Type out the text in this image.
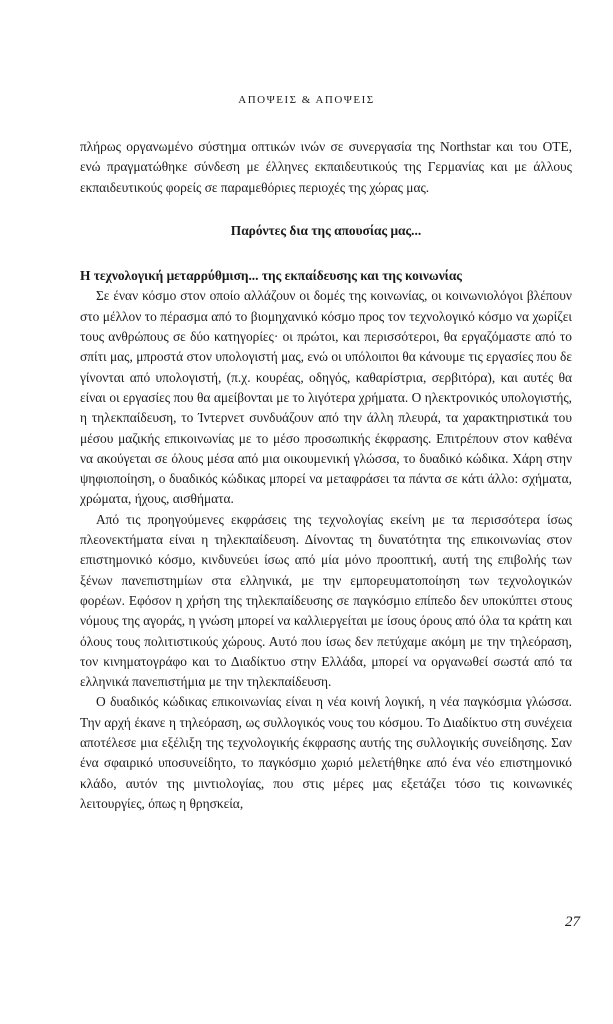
ΑΠΟΨΕΙΣ & ΑΠΟΨΕΙΣ

πλήρως οργανωμένο σύστημα οπτικών ινών σε συνεργασία της Northstar και του ΟΤΕ, ενώ πραγματώθηκε σύνδεση με έλληνες εκπαιδευτικούς της Γερμανίας και με άλλους εκπαιδευτικούς φορείς σε παραμεθόριες περιοχές της χώρας μας.

Παρόντες δια της απουσίας μας...

Η τεχνολογική μεταρρύθμιση... της εκπαίδευσης και της κοινωνίας

Σε έναν κόσμο στον οποίο αλλάζουν οι δομές της κοινωνίας, οι κοινωνιολόγοι βλέπουν στο μέλλον το πέρασμα από το βιομηχανικό κόσμο προς τον τεχνολογικό κόσμο να χωρίζει τους ανθρώπους σε δύο κατηγορίες· οι πρώτοι, και περισσότεροι, θα εργαζόμαστε από το σπίτι μας, μπροστά στον υπολογιστή μας, ενώ οι υπόλοιποι θα κάνουμε τις εργασίες που δε γίνονται από υπολογιστή, (π.χ. κουρέας, οδηγός, καθαρίστρια, σερβιτόρα), και αυτές θα είναι οι εργασίες που θα αμείβονται με το λιγότερα χρήματα. Ο ηλεκτρονικός υπολογιστής, η τηλεκπαίδευση, το Ίντερνετ συνδυάζουν από την άλλη πλευρά, τα χαρακτηριστικά του μέσου μαζικής επικοινωνίας με το μέσο προσωπικής έκφρασης. Επιτρέπουν στον καθένα να ακούγεται σε όλους μέσα από μια οικουμενική γλώσσα, το δυαδικό κώδικα. Χάρη στην ψηφιοποίηση, ο δυαδικός κώδικας μπορεί να μεταφράσει τα πάντα σε κάτι άλλο: σχήματα, χρώματα, ήχους, αισθήματα.

Από τις προηγούμενες εκφράσεις της τεχνολογίας εκείνη με τα περισσότερα ίσως πλεονεκτήματα είναι η τηλεκπαίδευση. Δίνοντας τη δυνατότητα της επικοινωνίας στον επιστημονικό κόσμο, κινδυνεύει ίσως από μία μόνο προοπτική, αυτή της επιβολής των ξένων πανεπιστημίων στα ελληνικά, με την εμπορευματοποίηση των τεχνολογικών φορέων. Εφόσον η χρήση της τηλεκπαίδευσης σε παγκόσμιο επίπεδο δεν υποκύπτει στους νόμους της αγοράς, η γνώση μπορεί να καλλιεργείται με ίσους όρους από όλα τα κράτη και όλους τους πολιτιστικούς χώρους. Αυτό που ίσως δεν πετύχαμε ακόμη με την τηλεόραση, τον κινηματογράφο και το Διαδίκτυο στην Ελλάδα, μπορεί να οργανωθεί σωστά από τα ελληνικά πανεπιστήμια με την τηλεκπαίδευση.

Ο δυαδικός κώδικας επικοινωνίας είναι η νέα κοινή λογική, η νέα παγκόσμια γλώσσα. Την αρχή έκανε η τηλεόραση, ως συλλογικός νους του κόσμου. Το Διαδίκτυο στη συνέχεια αποτέλεσε μια εξέλιξη της τεχνολογικής έκφρασης αυτής της συλλογικής συνείδησης. Σαν ένα σφαιρικό υποσυνείδητο, το παγκόσμιο χωριό μελετήθηκε από ένα νέο επιστημονικό κλάδο, αυτόν της μιντιολογίας, που στις μέρες μας εξετάζει τόσο τις κοινωνικές λειτουργίες, όπως η θρησκεία,

27
